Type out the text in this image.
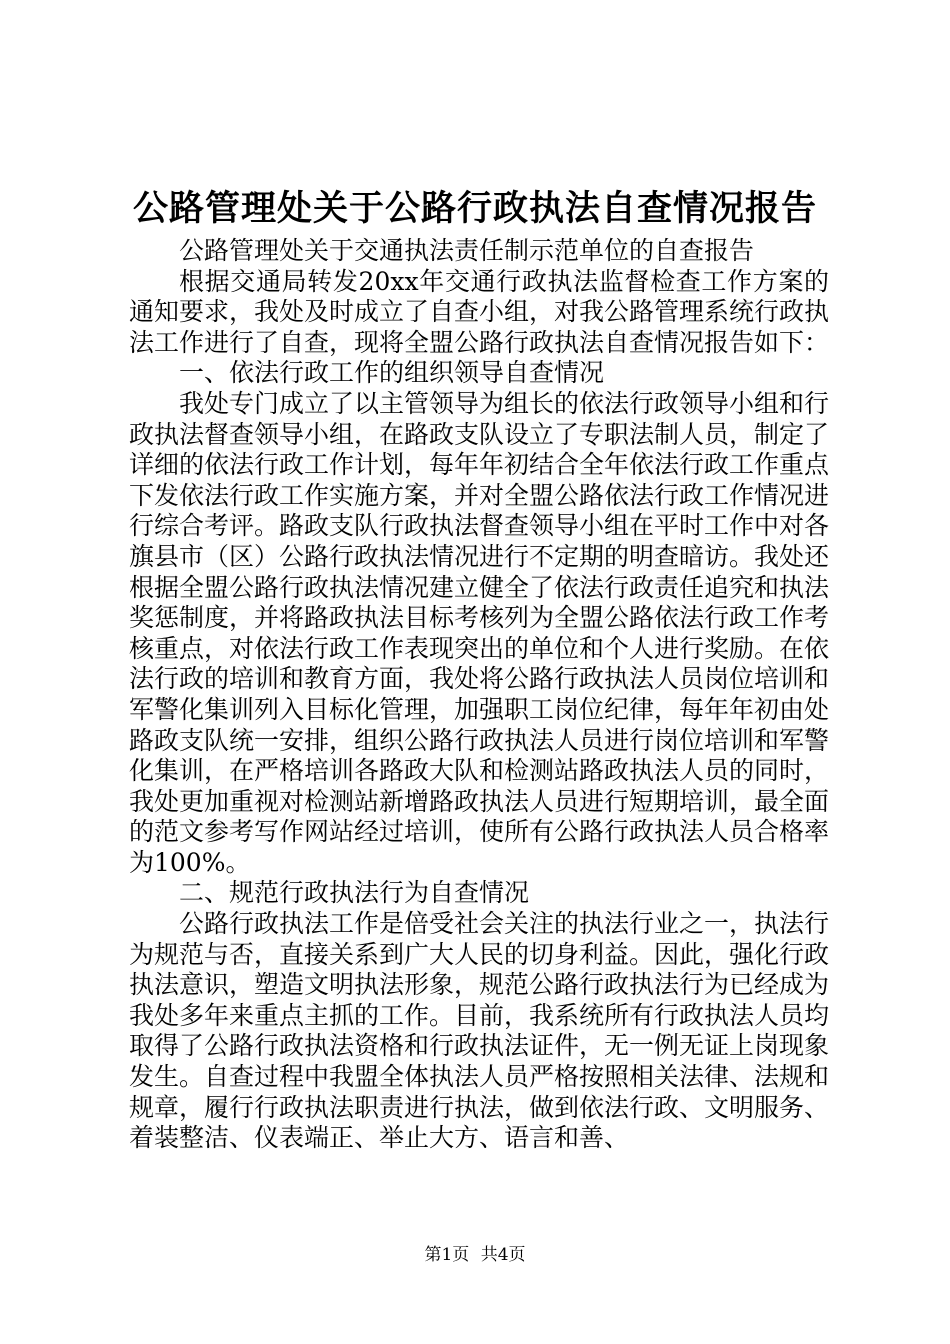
公路管理处关于公路行政执法自查情况报告

公路管理处关于交通执法责任制示范单位的自查报告

根据交通局转发20xx年交通行政执法监督检查工作方案的通知要求，我处及时成立了自查小组，对我公路管理系统行政执法工作进行了自查，现将全盟公路行政执法自查情况报告如下：

一、依法行政工作的组织领导自查情况

我处专门成立了以主管领导为组长的依法行政领导小组和行政执法督查领导小组，在路政支队设立了专职法制人员，制定了详细的依法行政工作计划，每年年初结合全年依法行政工作重点下发依法行政工作实施方案，并对全盟公路依法行政工作情况进行综合考评。路政支队行政执法督查领导小组在平时工作中对各旗县市（区）公路行政执法情况进行不定期的明查暗访。我处还根据全盟公路行政执法情况建立健全了依法行政责任追究和执法奖惩制度，并将路政执法目标考核列为全盟公路依法行政工作考核重点，对依法行政工作表现突出的单位和个人进行奖励。在依法行政的培训和教育方面，我处将公路行政执法人员岗位培训和军警化集训列入目标化管理，加强职工岗位纪律，每年年初由处路政支队统一安排，组织公路行政执法人员进行岗位培训和军警化集训，在严格培训各路政大队和检测站路政执法人员的同时，我处更加重视对检测站新增路政执法人员进行短期培训，最全面的范文参考写作网站经过培训，使所有公路行政执法人员合格率为100%。

二、规范行政执法行为自查情况

公路行政执法工作是倍受社会关注的执法行业之一，执法行为规范与否，直接关系到广大人民的切身利益。因此，强化行政执法意识，塑造文明执法形象，规范公路行政执法行为已经成为我处多年来重点主抓的工作。目前，我系统所有行政执法人员均取得了公路行政执法资格和行政执法证件，无一例无证上岗现象发生。自查过程中我盟全体执法人员严格按照相关法律、法规和规章，履行行政执法职责进行执法，做到依法行政、文明服务、着装整洁、仪表端正、举止大方、语言和善、

第1页 共4页
